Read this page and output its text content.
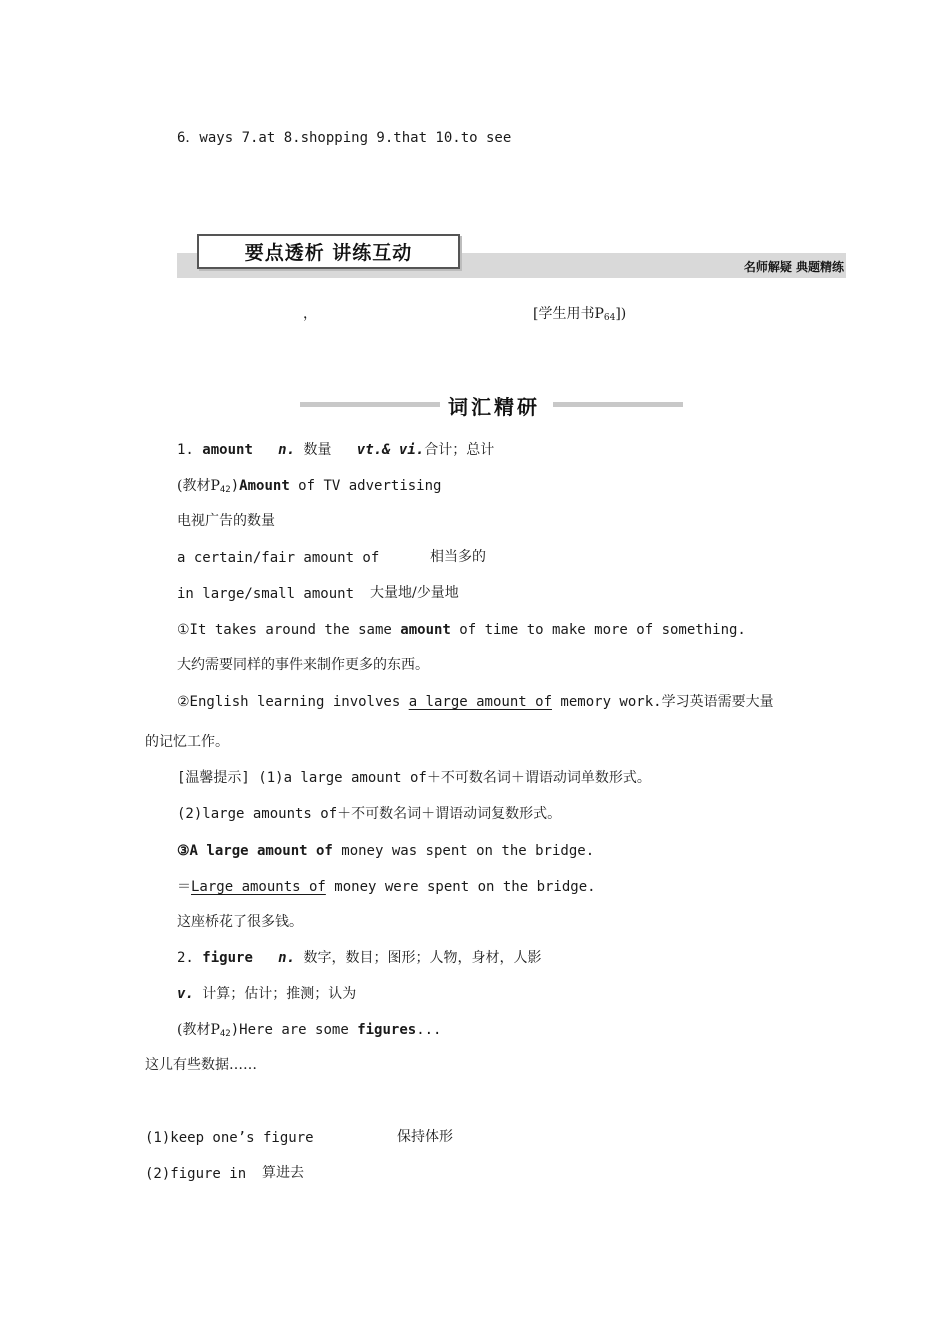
6．ways 7.at 8.shopping 9.that 10.to see
要点透析 讲练互动
名师解疑 典题精练
，	[学生用书$P_{64}$])
词汇精研
1. amount n. 数量 vt.& vi.合计；总计
(教材$P_{42})Amount$ of TV advertising
电视广告的数量
a certain/fair amount of	相当多的
in large/small amount 大量地/少量地
①It takes around the same amount of time to make more of something.
大约需要同样的事件来制作更多的东西。
②English learning involves a large amount of memory work.学习英语需要大量
的记忆工作。
[温馨提示] (1)a large amount of＋不可数名词＋谓语动词单数形式。
(2)large amounts of＋不可数名词＋谓语动词复数形式。
③A large amount of money was spent on the bridge.
＝Large amounts of money were spent on the bridge.
这座桥花了很多钱。
2. figure n. 数字，数目；图形；人物，身材，人影
v. 计算；估计；推测；认为
(教材$P_{42})Here$ are some figures...
这儿有些数据……
(1)keep one’s figure	保持体形
(2)figure in 算进去
